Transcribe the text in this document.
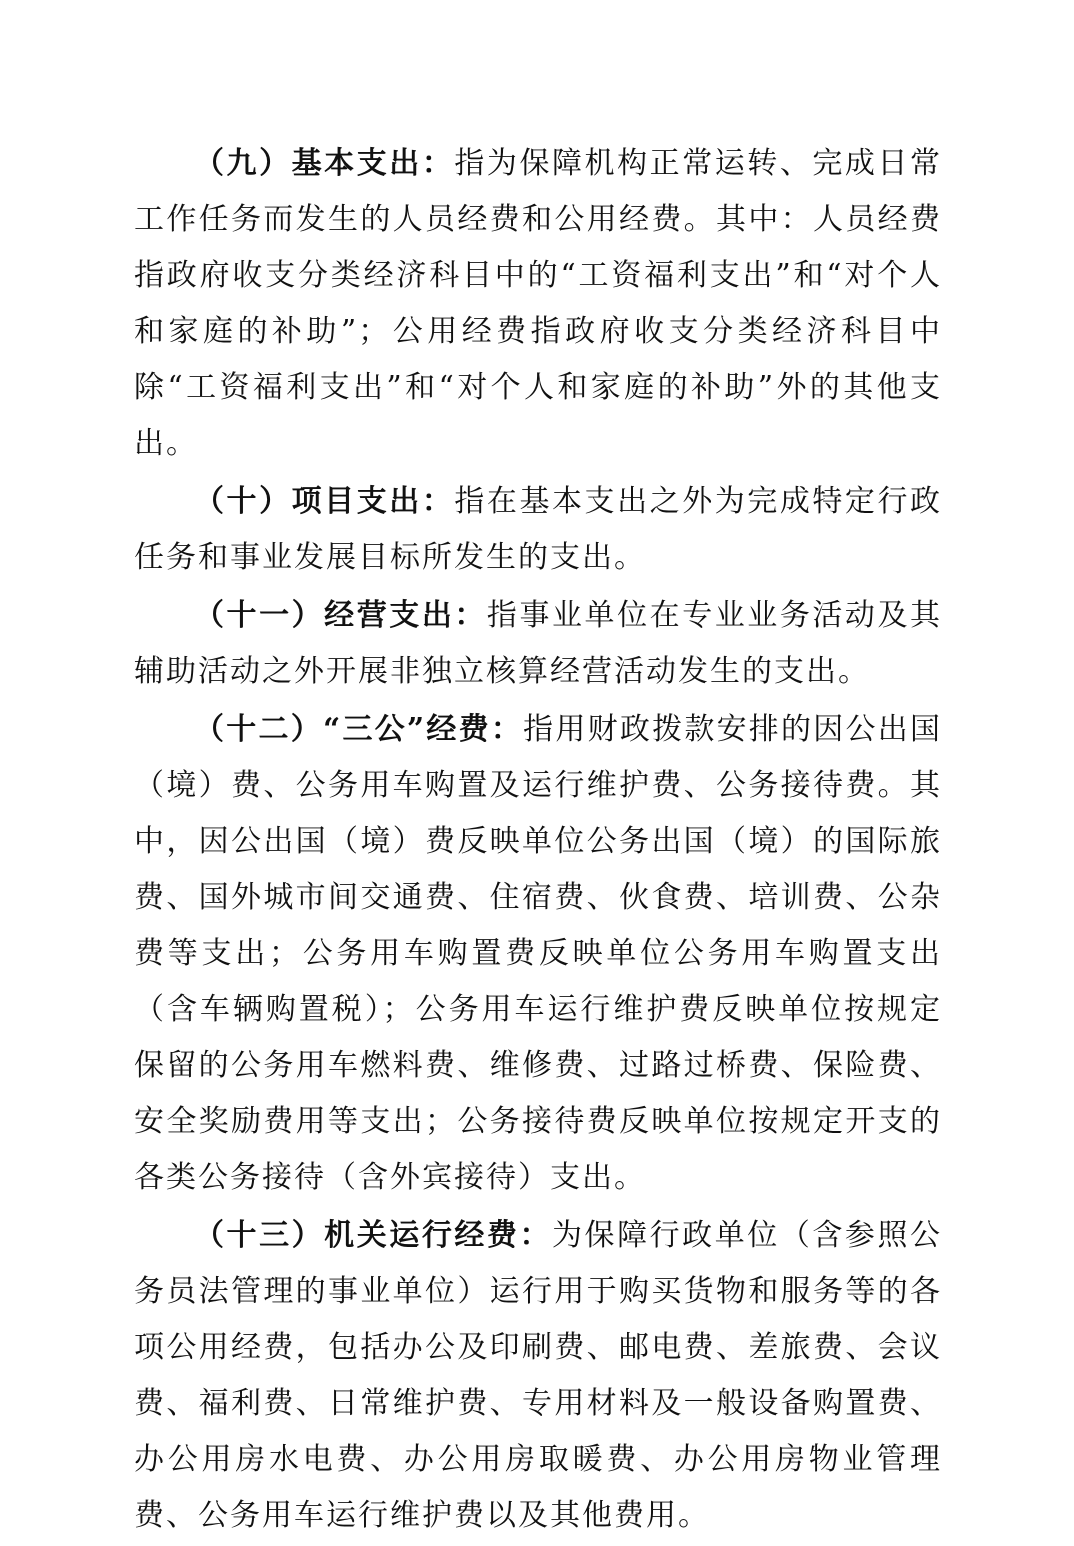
（九）基本支出：指为保障机构正常运转、完成日常工作任务而发生的人员经费和公用经费。其中：人员经费指政府收支分类经济科目中的“工资福利支出”和“对个人和家庭的补助”；公用经费指政府收支分类经济科目中除“工资福利支出”和“对个人和家庭的补助”外的其他支出。

（十）项目支出：指在基本支出之外为完成特定行政任务和事业发展目标所发生的支出。

（十一）经营支出：指事业单位在专业业务活动及其辅助活动之外开展非独立核算经营活动发生的支出。

（十二）“三公”经费：指用财政拨款安排的因公出国（境）费、公务用车购置及运行维护费、公务接待费。其中，因公出国（境）费反映单位公务出国（境）的国际旅费、国外城市间交通费、住宿费、伙食费、培训费、公杂费等支出；公务用车购置费反映单位公务用车购置支出（含车辆购置税）；公务用车运行维护费反映单位按规定保留的公务用车燃料费、维修费、过路过桥费、保险费、安全奖励费用等支出；公务接待费反映单位按规定开支的各类公务接待（含外宾接待）支出。

（十三）机关运行经费：为保障行政单位（含参照公务员法管理的事业单位）运行用于购买货物和服务等的各项公用经费，包括办公及印刷费、邮电费、差旅费、会议费、福利费、日常维护费、专用材料及一般设备购置费、办公用房水电费、办公用房取暖费、办公用房物业管理费、公务用车运行维护费以及其他费用。
